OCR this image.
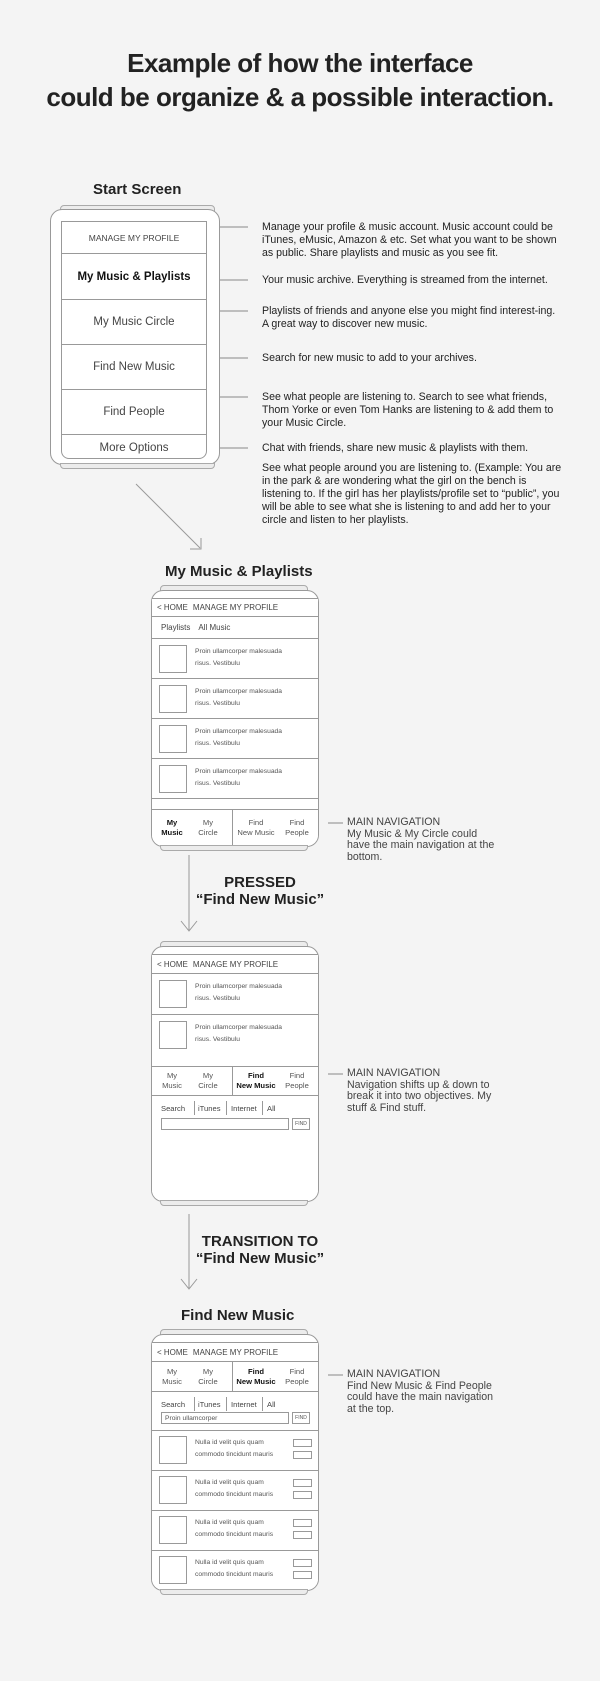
Example of how the interface
could be organize & a possible interaction.
Start Screen
MANAGE MY PROFILE
My Music & Playlists
My Music Circle
Find New Music
Find People
More Options
Manage your profile & music account. Music account could be iTunes, eMusic, Amazon & etc. Set what you want to be shown as public. Share playlists and music as you see fit.
Your music archive. Everything is streamed from the internet.
Playlists of friends and anyone else you might find interest-ing. A great way to discover new music.
Search for new music to add to your archives.
See what people are listening to. Search to see what friends, Thom Yorke or even Tom Hanks are listening to & add them to your Music Circle.
Chat with friends, share new music & playlists with them.
See what people around you are listening to. (Example: You are in the park & are wondering what the girl on the bench is listening to. If the girl has her playlists/profile set to “public”, you will be able to see what she is listening to and add her to your circle and listen to her playlists.
My Music & Playlists
< HOME MANAGE MY PROFILE
Playlists All Music
Proin ullamcorper malesuada
risus. Vestibulu
Proin ullamcorper malesuada
risus. Vestibulu
Proin ullamcorper malesuada
risus. Vestibulu
Proin ullamcorper malesuada
risus. Vestibulu
My
Music
My
Circle
Find
New Music
Find
People
MAIN NAVIGATION
My Music & My Circle could have the main navigation at the bottom.
PRESSED
“Find New Music”
< HOME MANAGE MY PROFILE
Proin ullamcorper malesuada
risus. Vestibulu
Proin ullamcorper malesuada
risus. Vestibulu
My
Music
My
Circle
Find
New Music
Find
People
Search iTunes Internet All
FIND
MAIN NAVIGATION
Navigation shifts up & down to break it into two objectives. My stuff & Find stuff.
TRANSITION TO
“Find New Music”
Find New Music
< HOME MANAGE MY PROFILE
My
Music
My
Circle
Find
New Music
Find
People
Search iTunes Internet All
Proin ullamcorper	FIND
Nulla id velit quis quam
commodo tincidunt mauris
Nulla id velit quis quam
commodo tincidunt mauris
Nulla id velit quis quam
commodo tincidunt mauris
Nulla id velit quis quam
commodo tincidunt mauris
MAIN NAVIGATION
Find New Music & Find People could have the main navigation at the top.
